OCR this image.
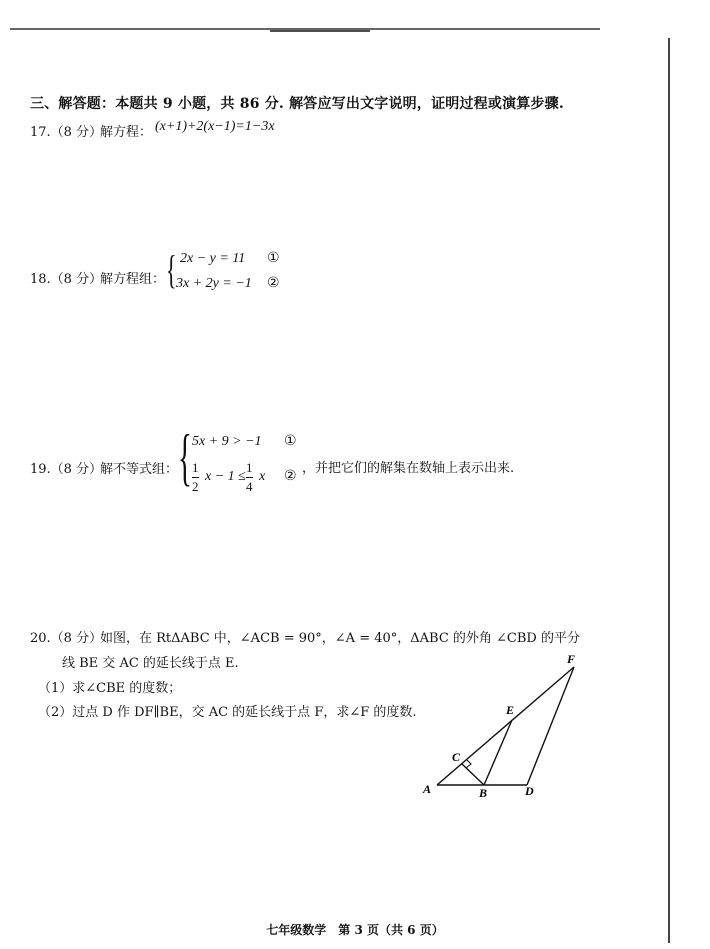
三、解答题：本题共 9 小题，共 86 分. 解答应写出文字说明，证明过程或演算步骤.
17.（8 分）
解方程： (x+1)+2(x−1)=1−3x
18.（8 分）
解方程组： { 2x − y = 11 ①
3x + 2y = −1 ②
19.（8 分）
解不等式组： { 5x + 9 > −1 ①
1
2
x − 1 ≤
1
4
x ② ，并把它们的解集在数轴上表示出来.
20.（8 分）
如图，在 RtΔABC 中，∠ACB = 90°，∠A = 40°，ΔABC 的外角 ∠CBD 的平分
线 BE 交 AC 的延长线于点 E.
（1）求∠CBE 的度数；
（2）过点 D 作 DF∥BE，交 AC 的延长线于点 F，求∠F 的度数.
A	B
C
D
E
F
七年级数学　第 3 页（共 6 页）
